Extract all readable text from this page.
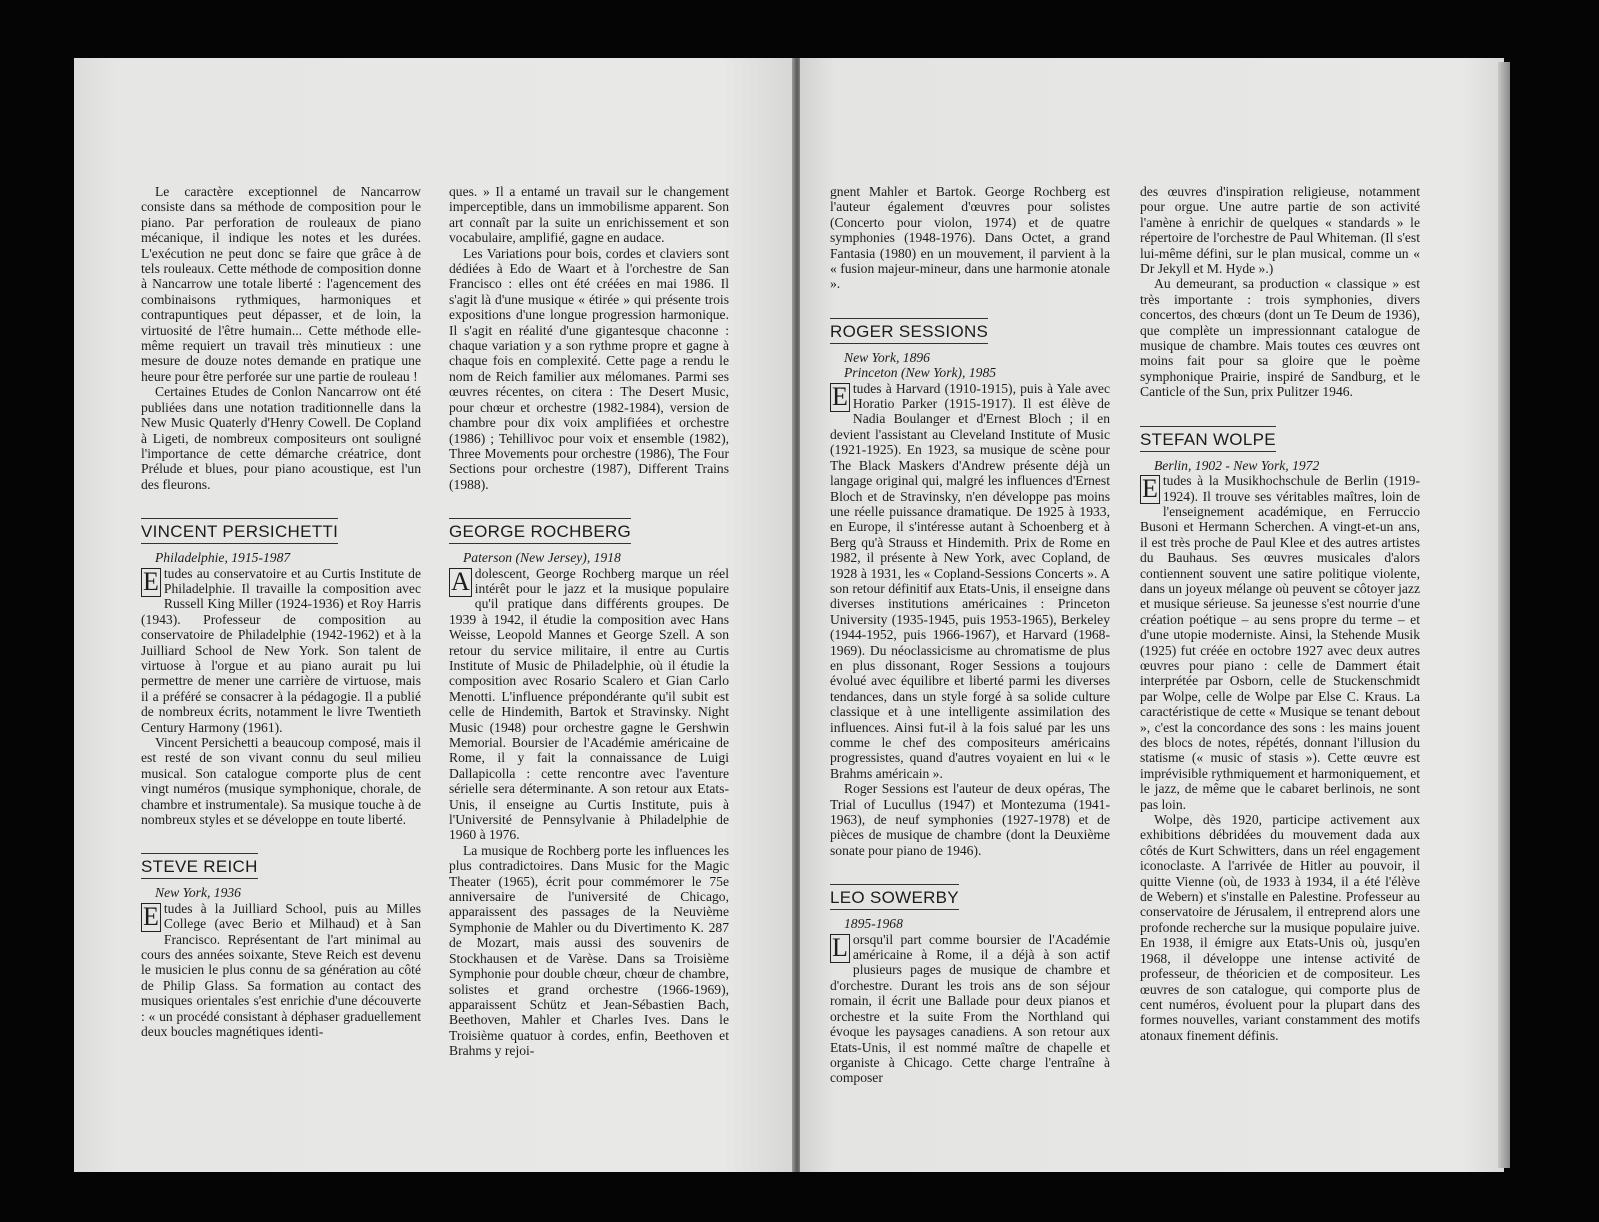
Le caractère exceptionnel de Nancarrow consiste dans sa méthode de composition pour le piano. Par perforation de rouleaux de piano mécanique, il indique les notes et les durées. L'exécution ne peut donc se faire que grâce à de tels rouleaux. Cette méthode de composition donne à Nancarrow une totale liberté : l'agencement des combinaisons rythmiques, harmoniques et contrapuntiques peut dépasser, et de loin, la virtuosité de l'être humain... Cette méthode elle-même requiert un travail très minutieux : une mesure de douze notes demande en pratique une heure pour être perforée sur une partie de rouleau !

Certaines Etudes de Conlon Nancarrow ont été publiées dans une notation traditionnelle dans la New Music Quaterly d'Henry Cowell. De Copland à Ligeti, de nombreux compositeurs ont souligné l'importance de cette démarche créatrice, dont Prélude et blues, pour piano acoustique, est l'un des fleurons.

VINCENT PERSICHETTI

Philadelphie, 1915-1987

E tudes au conservatoire et au Curtis Institute de Philadelphie. Il travaille la composition avec Russell King Miller (1924-1936) et Roy Harris (1943). Professeur de composition au conservatoire de Philadelphie (1942-1962) et à la Juilliard School de New York. Son talent de virtuose à l'orgue et au piano aurait pu lui permettre de mener une carrière de virtuose, mais il a préféré se consacrer à la pédagogie. Il a publié de nombreux écrits, notamment le livre Twentieth Century Harmony (1961).

Vincent Persichetti a beaucoup composé, mais il est resté de son vivant connu du seul milieu musical. Son catalogue comporte plus de cent vingt numéros (musique symphonique, chorale, de chambre et instrumentale). Sa musique touche à de nombreux styles et se développe en toute liberté.

STEVE REICH

New York, 1936

E tudes à la Juilliard School, puis au Milles College (avec Berio et Milhaud) et à San Francisco. Représentant de l'art minimal au cours des années soixante, Steve Reich est devenu le musicien le plus connu de sa génération au côté de Philip Glass. Sa formation au contact des musiques orientales s'est enrichie d'une découverte : « un procédé consistant à déphaser graduellement deux boucles magnétiques identi-

ques. » Il a entamé un travail sur le changement imperceptible, dans un immobilisme apparent. Son art connaît par la suite un enrichissement et son vocabulaire, amplifié, gagne en audace.

Les Variations pour bois, cordes et claviers sont dédiées à Edo de Waart et à l'orchestre de San Francisco : elles ont été créées en mai 1986. Il s'agit là d'une musique « étirée » qui présente trois expositions d'une longue progression harmonique. Il s'agit en réalité d'une gigantesque chaconne : chaque variation y a son rythme propre et gagne à chaque fois en complexité. Cette page a rendu le nom de Reich familier aux mélomanes. Parmi ses œuvres récentes, on citera : The Desert Music, pour chœur et orchestre (1982-1984), version de chambre pour dix voix amplifiées et orchestre (1986) ; Tehillivoc pour voix et ensemble (1982), Three Movements pour orchestre (1986), The Four Sections pour orchestre (1987), Different Trains (1988).

GEORGE ROCHBERG

Paterson (New Jersey), 1918

A dolescent, George Rochberg marque un réel intérêt pour le jazz et la musique populaire qu'il pratique dans différents groupes. De 1939 à 1942, il étudie la composition avec Hans Weisse, Leopold Mannes et George Szell. A son retour du service militaire, il entre au Curtis Institute of Music de Philadelphie, où il étudie la composition avec Rosario Scalero et Gian Carlo Menotti. L'influence prépondérante qu'il subit est celle de Hindemith, Bartok et Stravinsky. Night Music (1948) pour orchestre gagne le Gershwin Memorial. Boursier de l'Académie américaine de Rome, il y fait la connaissance de Luigi Dallapicolla : cette rencontre avec l'aventure sérielle sera déterminante. A son retour aux Etats-Unis, il enseigne au Curtis Institute, puis à l'Université de Pennsylvanie à Philadelphie de 1960 à 1976.

La musique de Rochberg porte les influences les plus contradictoires. Dans Music for the Magic Theater (1965), écrit pour commémorer le 75e anniversaire de l'université de Chicago, apparaissent des passages de la Neuvième Symphonie de Mahler ou du Divertimento K. 287 de Mozart, mais aussi des souvenirs de Stockhausen et de Varèse. Dans sa Troisième Symphonie pour double chœur, chœur de chambre, solistes et grand orchestre (1966-1969), apparaissent Schütz et Jean-Sébastien Bach, Beethoven, Mahler et Charles Ives. Dans le Troisième quatuor à cordes, enfin, Beethoven et Brahms y rejoi-

gnent Mahler et Bartok. George Rochberg est l'auteur également d'œuvres pour solistes (Concerto pour violon, 1974) et de quatre symphonies (1948-1976). Dans Octet, a grand Fantasia (1980) en un mouvement, il parvient à la « fusion majeur-mineur, dans une harmonie atonale ».

ROGER SESSIONS

New York, 1896
Princeton (New York), 1985

E tudes à Harvard (1910-1915), puis à Yale avec Horatio Parker (1915-1917). Il est élève de Nadia Boulanger et d'Ernest Bloch ; il en devient l'assistant au Cleveland Institute of Music (1921-1925). En 1923, sa musique de scène pour The Black Maskers d'Andrew présente déjà un langage original qui, malgré les influences d'Ernest Bloch et de Stravinsky, n'en développe pas moins une réelle puissance dramatique. De 1925 à 1933, en Europe, il s'intéresse autant à Schoenberg et à Berg qu'à Strauss et Hindemith. Prix de Rome en 1982, il présente à New York, avec Copland, de 1928 à 1931, les « Copland-Sessions Concerts ». A son retour définitif aux Etats-Unis, il enseigne dans diverses institutions américaines : Princeton University (1935-1945, puis 1953-1965), Berkeley (1944-1952, puis 1966-1967), et Harvard (1968-1969). Du néoclassicisme au chromatisme de plus en plus dissonant, Roger Sessions a toujours évolué avec équilibre et liberté parmi les diverses tendances, dans un style forgé à sa solide culture classique et à une intelligente assimilation des influences. Ainsi fut-il à la fois salué par les uns comme le chef des compositeurs américains progressistes, quand d'autres voyaient en lui « le Brahms américain ».

Roger Sessions est l'auteur de deux opéras, The Trial of Lucullus (1947) et Montezuma (1941-1963), de neuf symphonies (1927-1978) et de pièces de musique de chambre (dont la Deuxième sonate pour piano de 1946).

LEO SOWERBY

1895-1968

L orsqu'il part comme boursier de l'Académie américaine à Rome, il a déjà à son actif plusieurs pages de musique de chambre et d'orchestre. Durant les trois ans de son séjour romain, il écrit une Ballade pour deux pianos et orchestre et la suite From the Northland qui évoque les paysages canadiens. A son retour aux Etats-Unis, il est nommé maître de chapelle et organiste à Chicago. Cette charge l'entraîne à composer

des œuvres d'inspiration religieuse, notamment pour orgue. Une autre partie de son activité l'amène à enrichir de quelques « standards » le répertoire de l'orchestre de Paul Whiteman. (Il s'est lui-même défini, sur le plan musical, comme un « Dr Jekyll et M. Hyde ».)

Au demeurant, sa production « classique » est très importante : trois symphonies, divers concertos, des chœurs (dont un Te Deum de 1936), que complète un impressionnant catalogue de musique de chambre. Mais toutes ces œuvres ont moins fait pour sa gloire que le poème symphonique Prairie, inspiré de Sandburg, et le Canticle of the Sun, prix Pulitzer 1946.

STEFAN WOLPE

Berlin, 1902 - New York, 1972

E tudes à la Musikhochschule de Berlin (1919-1924). Il trouve ses véritables maîtres, loin de l'enseignement académique, en Ferruccio Busoni et Hermann Scherchen. A vingt-et-un ans, il est très proche de Paul Klee et des autres artistes du Bauhaus. Ses œuvres musicales d'alors contiennent souvent une satire politique violente, dans un joyeux mélange où peuvent se côtoyer jazz et musique sérieuse. Sa jeunesse s'est nourrie d'une création poétique – au sens propre du terme – et d'une utopie moderniste. Ainsi, la Stehende Musik (1925) fut créée en octobre 1927 avec deux autres œuvres pour piano : celle de Dammert était interprétée par Osborn, celle de Stuckenschmidt par Wolpe, celle de Wolpe par Else C. Kraus. La caractéristique de cette « Musique se tenant debout », c'est la concordance des sons : les mains jouent des blocs de notes, répétés, donnant l'illusion du statisme (« music of stasis »). Cette œuvre est imprévisible rythmiquement et harmoniquement, et le jazz, de même que le cabaret berlinois, ne sont pas loin.

Wolpe, dès 1920, participe activement aux exhibitions débridées du mouvement dada aux côtés de Kurt Schwitters, dans un réel engagement iconoclaste. A l'arrivée de Hitler au pouvoir, il quitte Vienne (où, de 1933 à 1934, il a été l'élève de Webern) et s'installe en Palestine. Professeur au conservatoire de Jérusalem, il entreprend alors une profonde recherche sur la musique populaire juive. En 1938, il émigre aux Etats-Unis où, jusqu'en 1968, il développe une intense activité de professeur, de théoricien et de compositeur. Les œuvres de son catalogue, qui comporte plus de cent numéros, évoluent pour la plupart dans des formes nouvelles, variant constamment des motifs atonaux finement définis.
